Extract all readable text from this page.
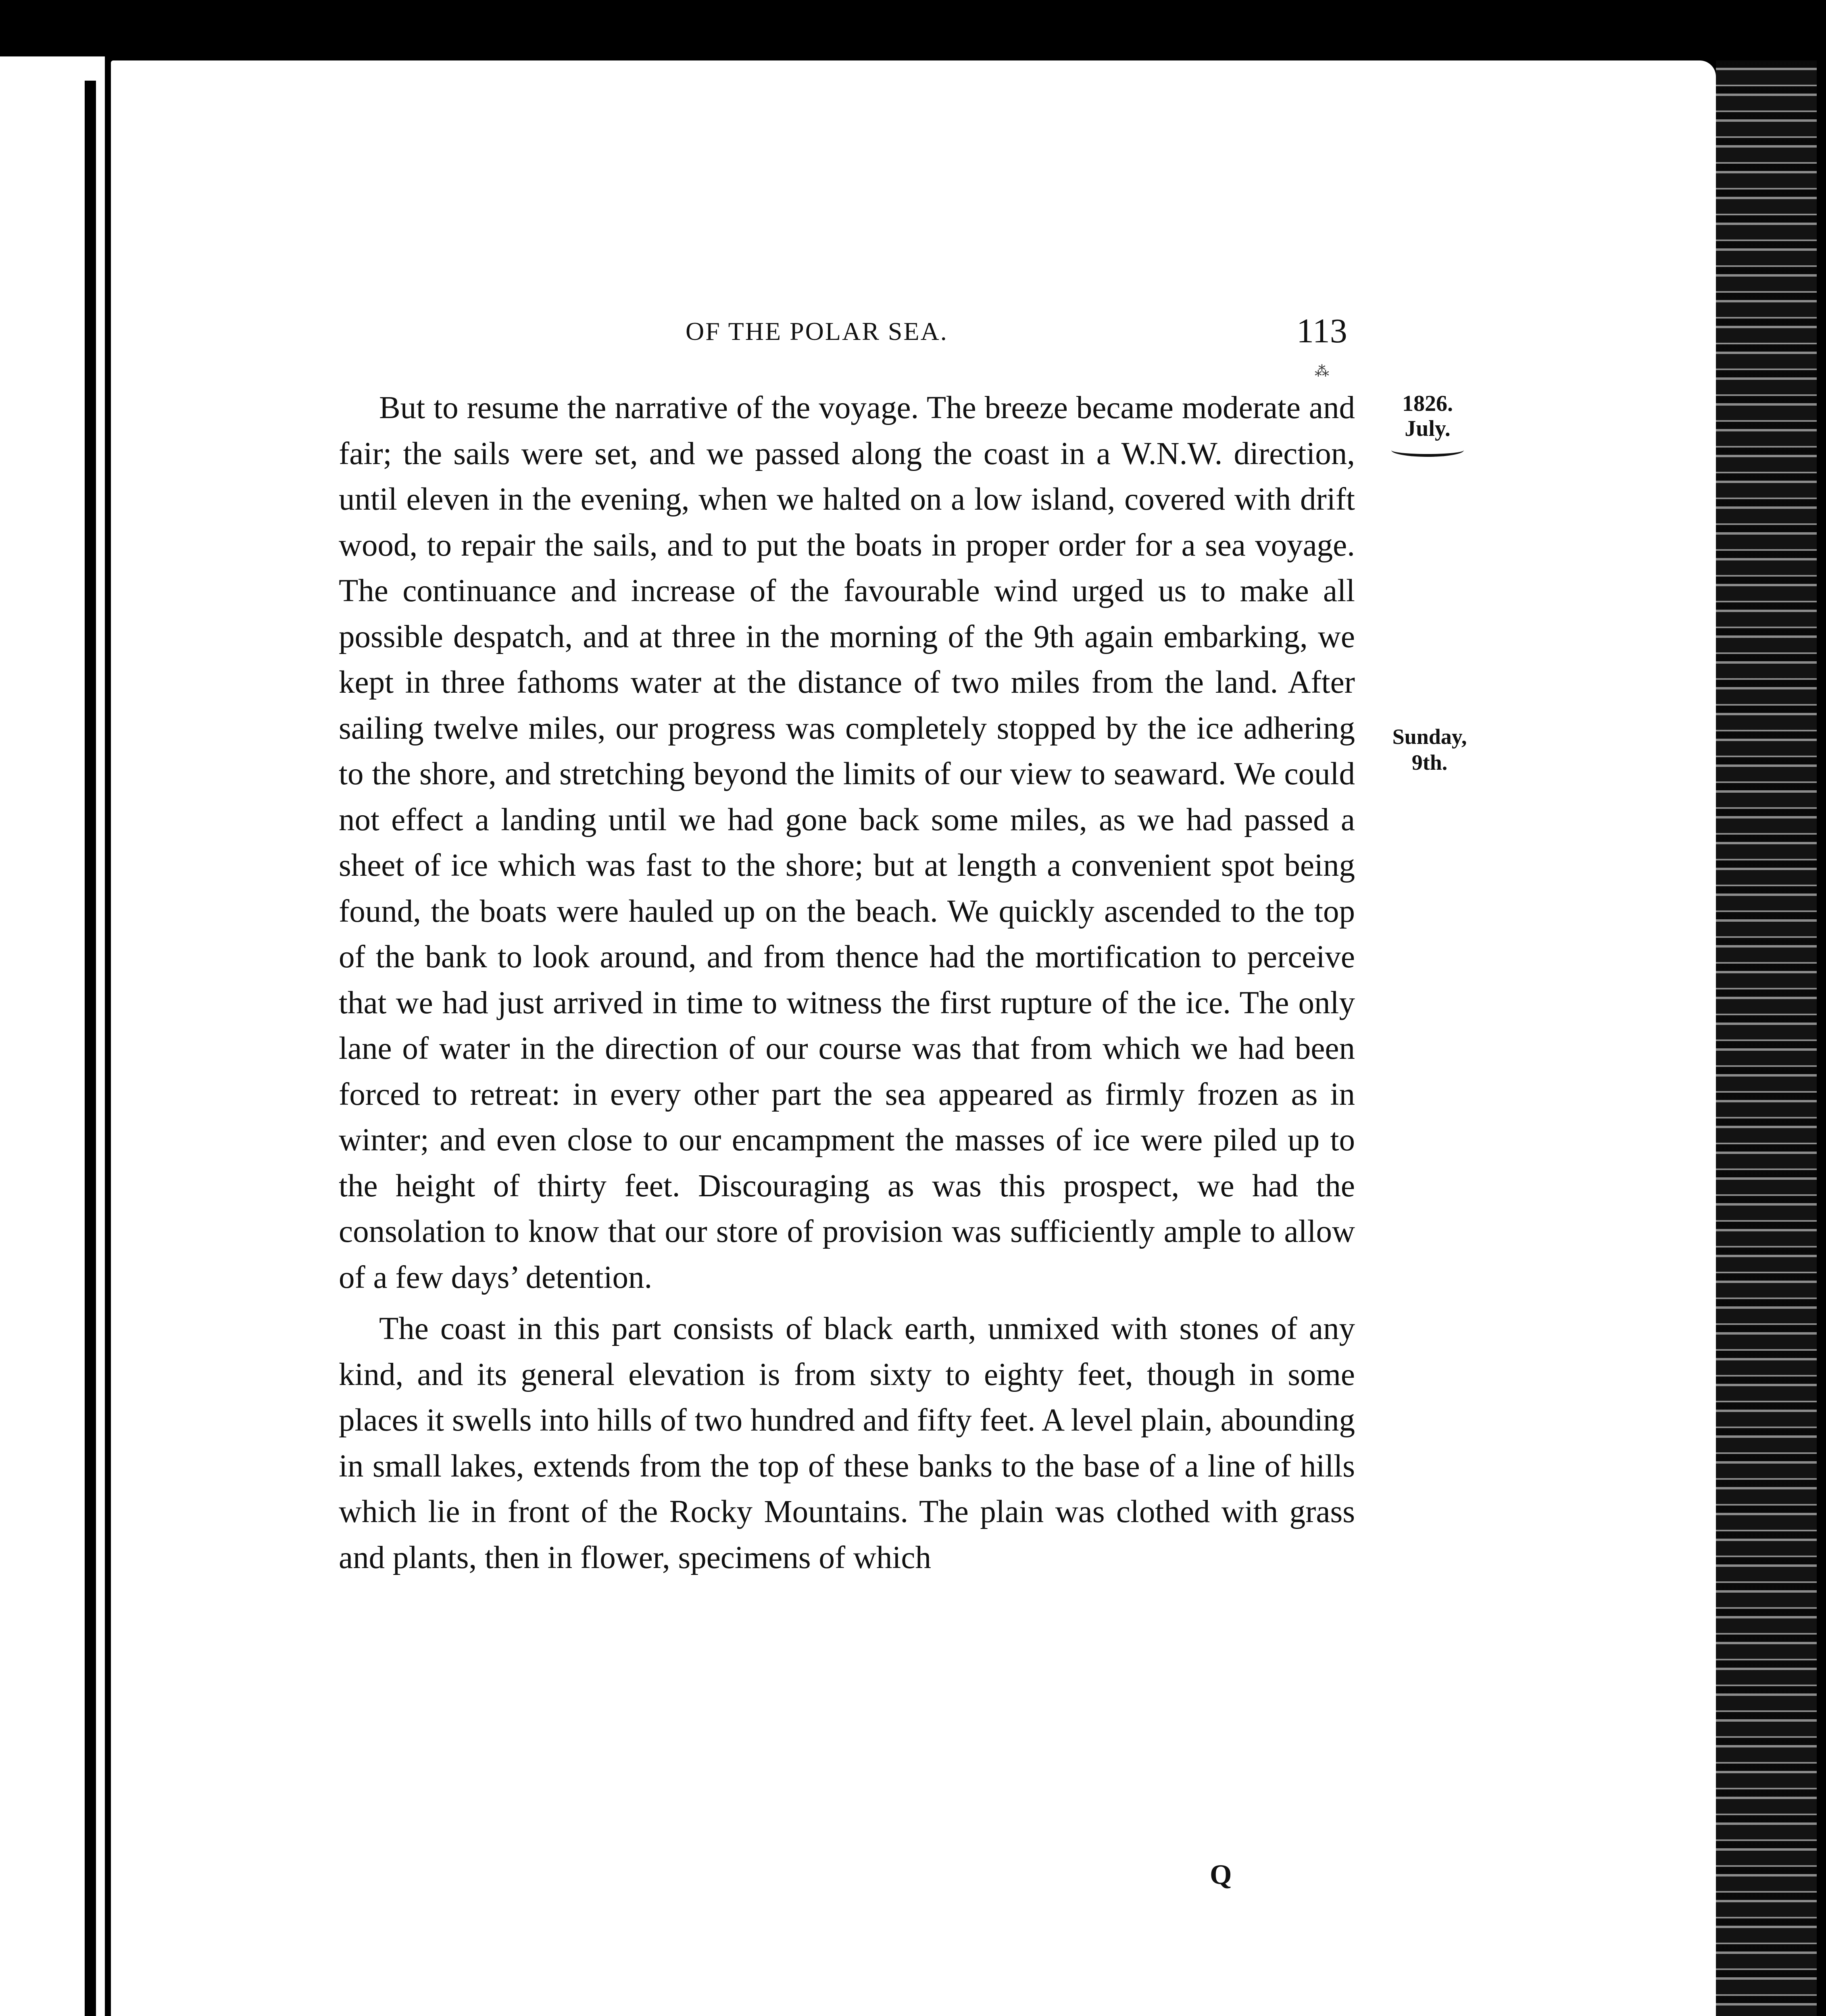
OF THE POLAR SEA.	113
⁂
1826.
July.
Sunday,
9th.

But to resume the narrative of the voyage. The breeze became moderate and fair; the sails were set, and we passed along the coast in a W.N.W. direction, until eleven in the evening, when we halted on a low island, covered with drift wood, to repair the sails, and to put the boats in proper order for a sea voyage. The continuance and increase of the favourable wind urged us to make all possible despatch, and at three in the morning of the 9th again embarking, we kept in three fathoms water at the distance of two miles from the land. After sailing twelve miles, our progress was completely stopped by the ice adhering to the shore, and stretching beyond the limits of our view to seaward. We could not effect a landing until we had gone back some miles, as we had passed a sheet of ice which was fast to the shore; but at length a convenient spot being found, the boats were hauled up on the beach. We quickly ascended to the top of the bank to look around, and from thence had the mortification to perceive that we had just arrived in time to witness the first rupture of the ice. The only lane of water in the direction of our course was that from which we had been forced to retreat: in every other part the sea appeared as firmly frozen as in winter; and even close to our encampment the masses of ice were piled up to the height of thirty feet. Discouraging as was this prospect, we had the consolation to know that our store of provision was sufficiently ample to allow of a few days’ detention.

The coast in this part consists of black earth, unmixed with stones of any kind, and its general elevation is from sixty to eighty feet, though in some places it swells into hills of two hundred and fifty feet. A level plain, abounding in small lakes, extends from the top of these banks to the base of a line of hills which lie in front of the Rocky Mountains. The plain was clothed with grass and plants, then in flower, specimens of which

Q
